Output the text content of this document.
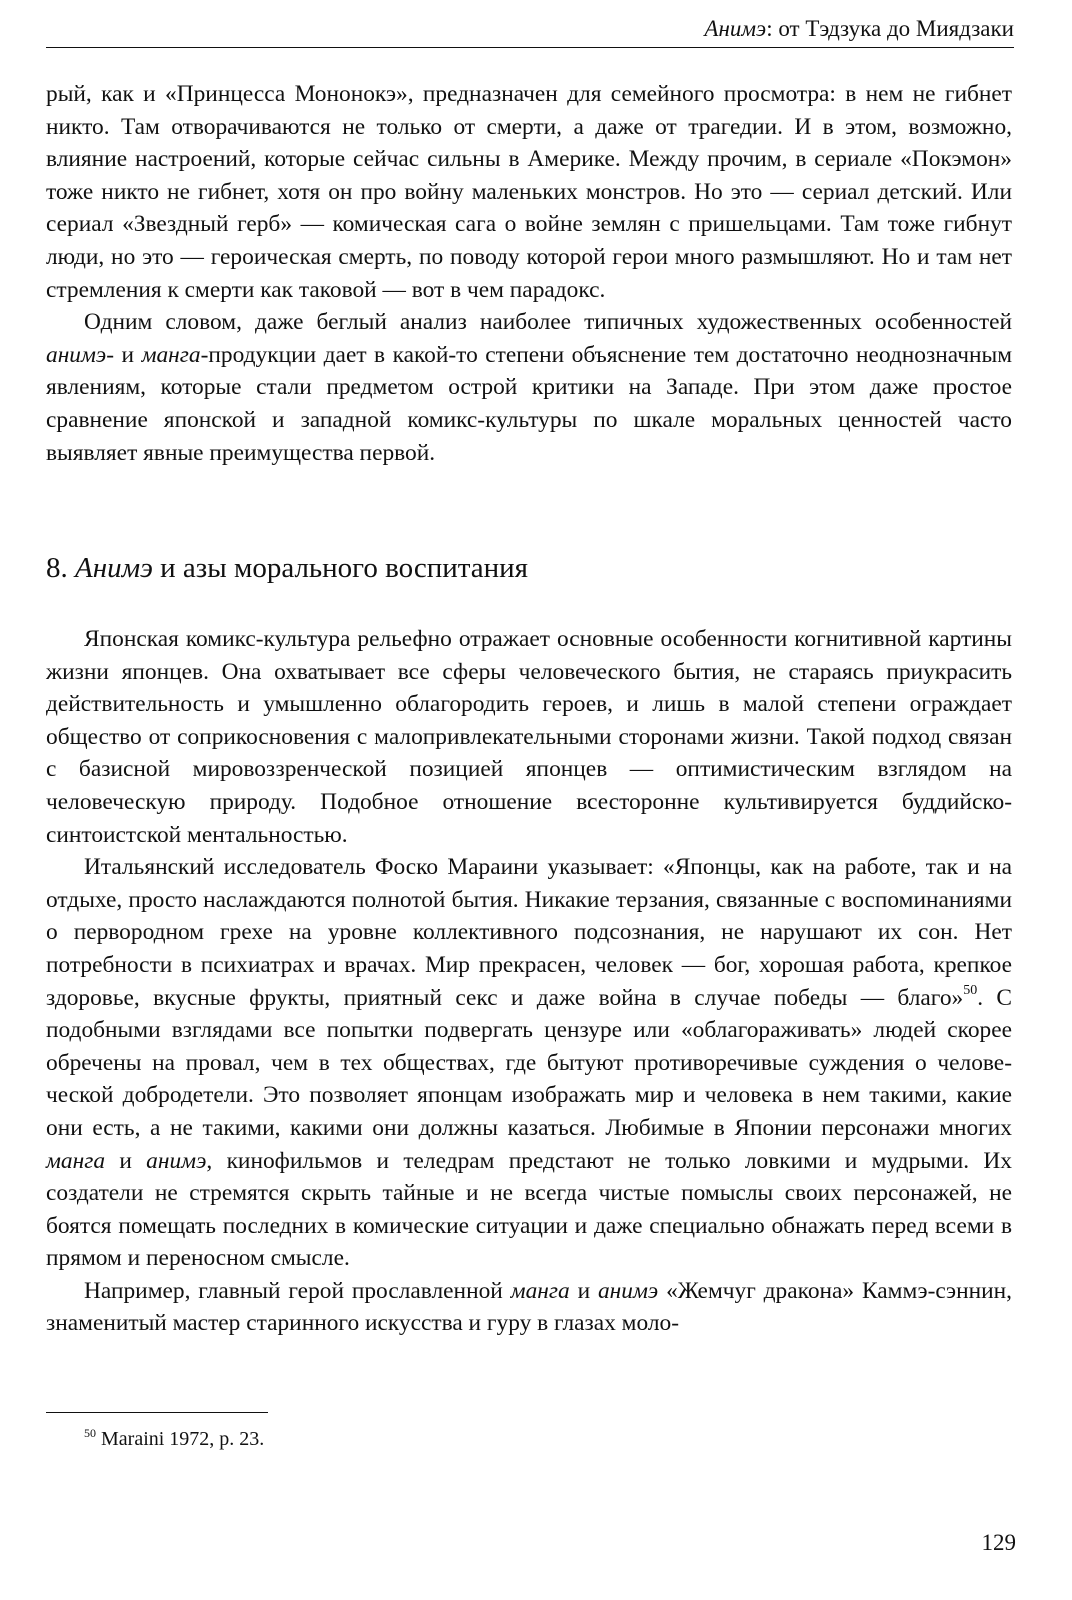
Анимэ: от Тэдзука до Миядзаки

рый, как и «Принцесса Мононокэ», предназначен для семейного просмотра: в нем не гибнет никто. Там отворачиваются не только от смерти, а даже от трагедии. И в этом, возможно, влияние настроений, которые сейчас сильны в Америке. Между прочим, в сериале «Покэмон» тоже никто не гибнет, хотя он про войну маленьких монстров. Но это — сериал детский. Или сериал «Звездный герб» — комическая сага о войне землян с пришельцами. Там тоже гибнут люди, но это — героическая смерть, по поводу которой герои много размышляют. Но и там нет стремления к смерти как таковой — вот в чем парадокс.

Одним словом, даже беглый анализ наиболее типичных художественных особенностей анимэ- и манга-продукции дает в какой-то степени объяснение тем достаточно неоднозначным явлениям, которые стали предметом острой критики на Западе. При этом даже простое сравнение японской и западной комикс-культуры по шкале моральных ценностей часто выявляет явные преимущества первой.

8. Анимэ и азы морального воспитания

Японская комикс-культура рельефно отражает основные особенности когнитивной картины жизни японцев. Она охватывает все сферы человеческого бытия, не стараясь приукрасить действительность и умышленно облагородить героев, и лишь в малой степени ограждает общество от соприкосновения с малопривлекательными сторонами жизни. Такой подход связан с базисной мировоззренческой позицией японцев — оптимистическим взглядом на человеческую природу. Подобное отношение всесторонне культивируется буддийско-синтоистской ментальностью.

Итальянский исследователь Фоско Мараини указывает: «Японцы, как на работе, так и на отдыхе, просто наслаждаются полнотой бытия. Никакие терзания, связанные с воспоминаниями о первородном грехе на уровне коллективного подсознания, не нарушают их сон. Нет потребности в психиатрах и врачах. Мир прекрасен, человек — бог, хорошая работа, крепкое здоровье, вкусные фрукты, приятный секс и даже война в случае победы — благо»$^{50}$. С подобными взглядами все попытки подвергать цензуре или «облагораживать» людей скорее обречены на провал, чем в тех обществах, где бытуют противоречивые суждения о человеческой добродетели. Это позволяет японцам изображать мир и человека в нем такими, какие они есть, а не такими, какими они должны казаться. Любимые в Японии персонажи многих манга и анимэ, кинофильмов и теледрам предстают не только ловкими и мудрыми. Их создатели не стремятся скрыть тайные и не всегда чистые помыслы своих персонажей, не боятся помещать последних в комические ситуации и даже специально обнажать перед всеми в прямом и переносном смысле.

Например, главный герой прославленной манга и анимэ «Жемчуг дракона» Каммэ-сэннин, знаменитый мастер старинного искусства и гуру в глазах моло-

$^{50}$ Maraini 1972, p. 23.
129
